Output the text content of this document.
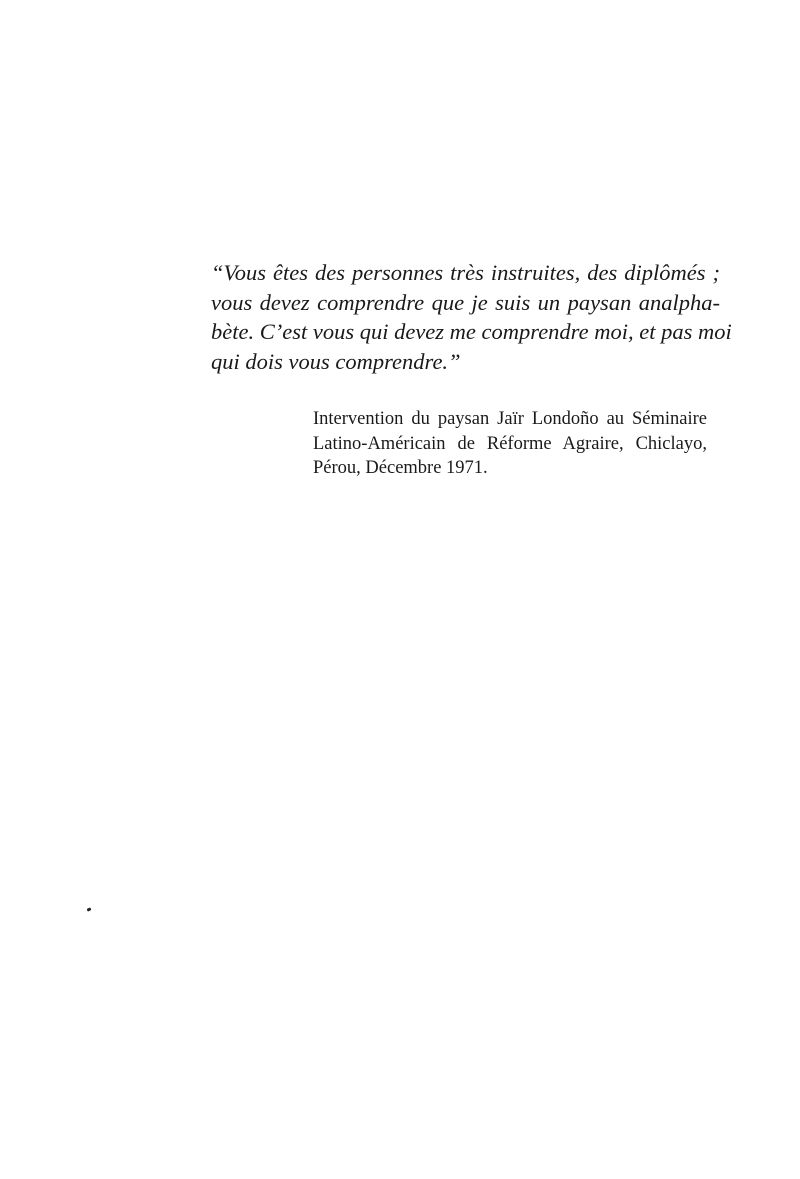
“Vous êtes des personnes très instruites, des diplômés ;
vous devez comprendre que je suis un paysan analpha-
bète. C’est vous qui devez me comprendre moi, et pas moi
qui dois vous comprendre.”

Intervention du paysan Jaïr Londoño au Séminaire
Latino-Américain de Réforme Agraire, Chiclayo,
Pérou, Décembre 1971.
